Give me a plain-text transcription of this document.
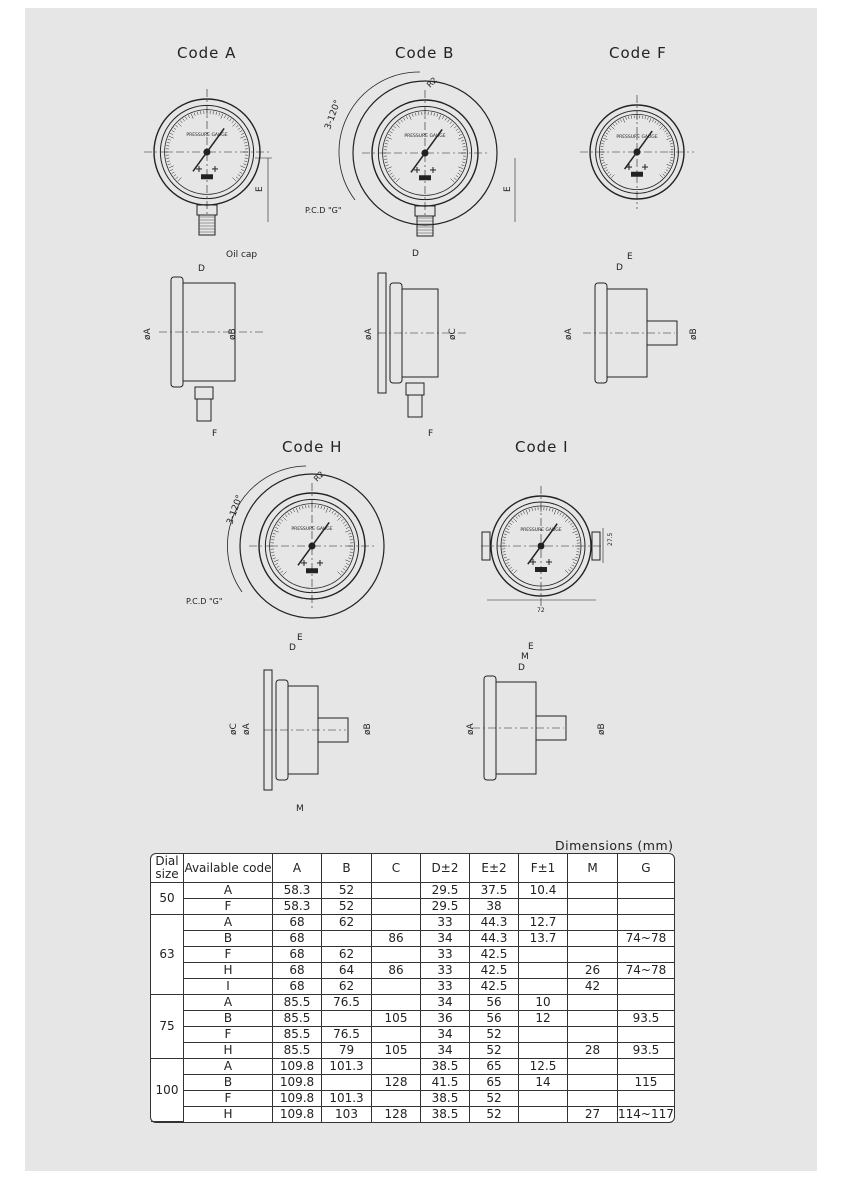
Code A	Code B	Code F
Code H	Code I
PRESSURE GAUGE	PRESSURE GAUGE	PRESSURE GAUGE
PRESSURE GAUGE	PRESSURE GAUGE
E	E
3-120°
R2
P.C.D "G"
3-120°
R2
P.C.D "G"
72
27.5
øA	øB
D
F
Oil cap
øA	øC
D
F
øA	øB
D
E
øC øA	øB
D
E
M
øA	øB
D
E
M
Dimensions (mm)
Dial size	Available code	A	B	C	D±2	E±2	F±1	M	G
50	A	58.3	52		29.5	37.5	10.4		
	F	58.3	52		29.5	38			
63	A	68	62		33	44.3	12.7		
	B	68		86	34	44.3	13.7		74~78
	F	68	62		33	42.5			
	H	68	64	86	33	42.5		26	74~78
	I	68	62		33	42.5		42	
75	A	85.5	76.5		34	56	10		
	B	85.5		105	36	56	12		93.5
	F	85.5	76.5		34	52			
	H	85.5	79	105	34	52		28	93.5
100	A	109.8	101.3		38.5	65	12.5		
	B	109.8		128	41.5	65	14		115
	F	109.8	101.3		38.5	52			
	H	109.8	103	128	38.5	52		27	114~117
